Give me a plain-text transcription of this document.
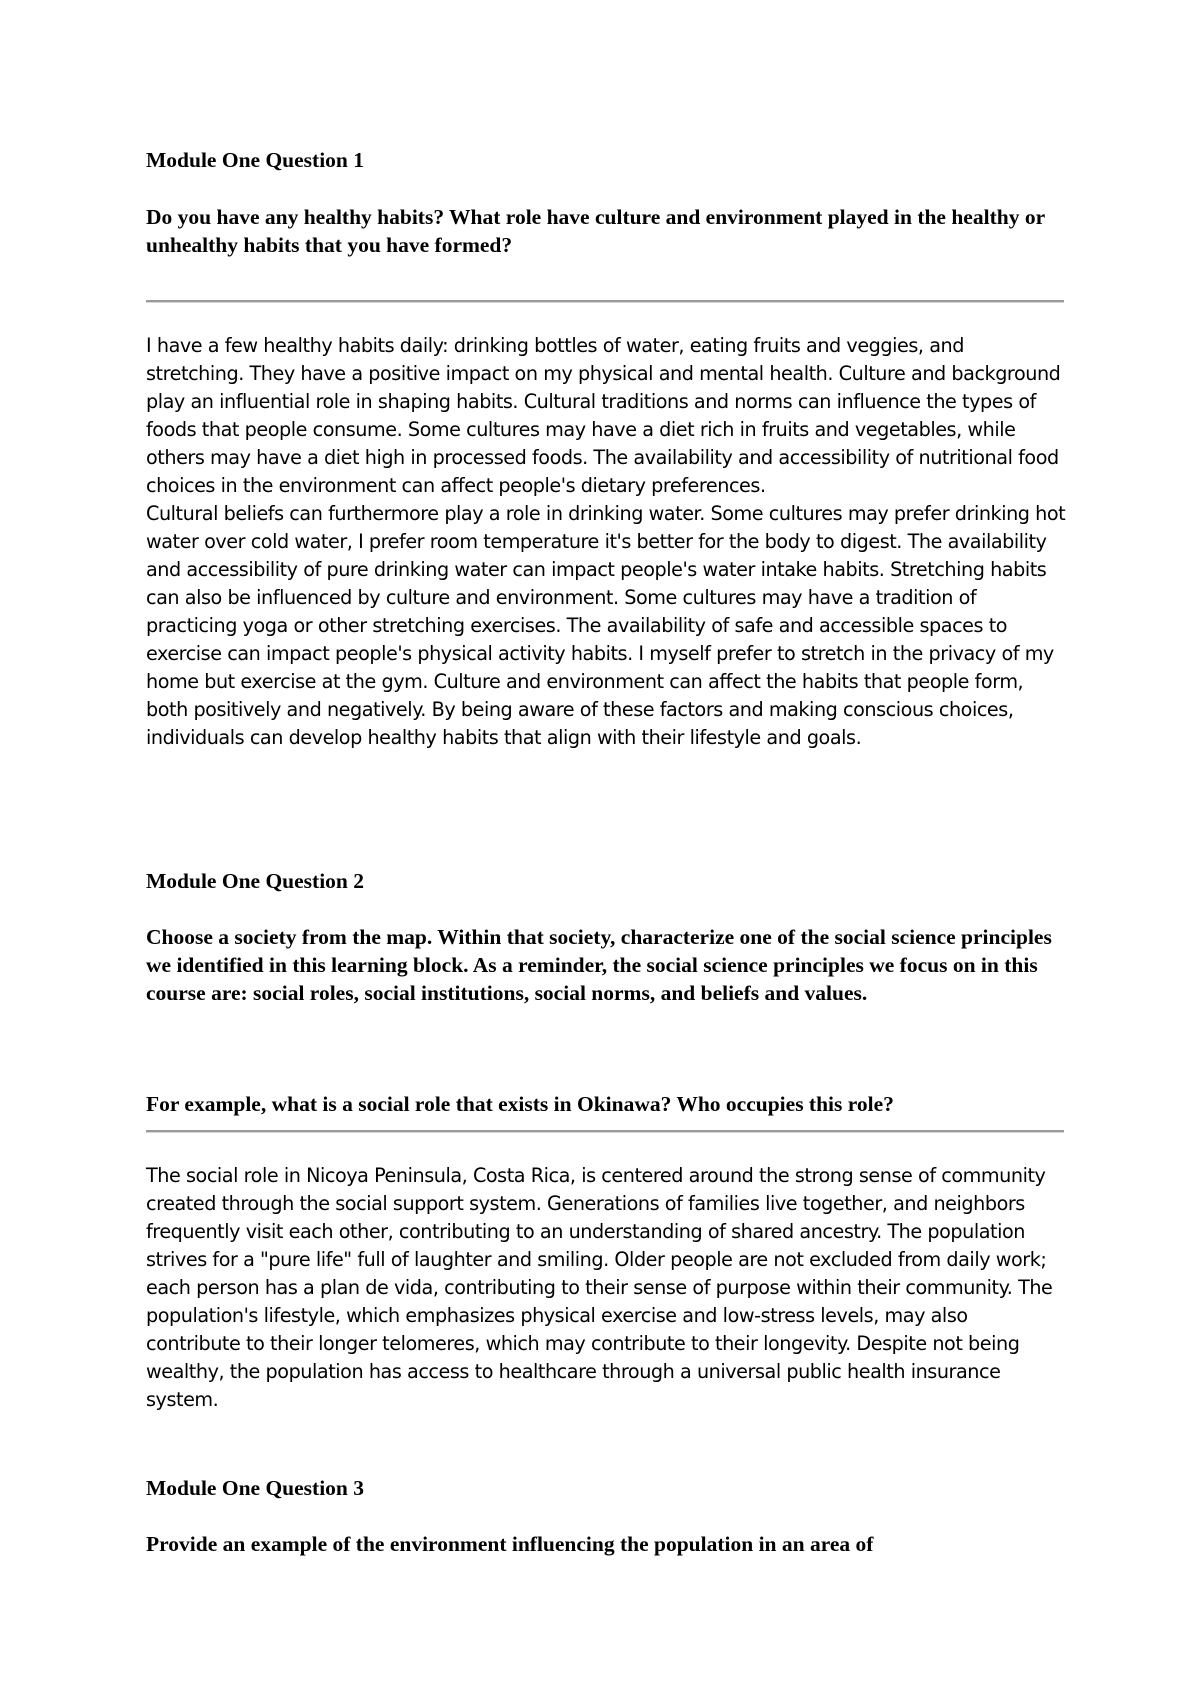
Module One Question 1

Do you have any healthy habits? What role have culture and environment played in the healthy or unhealthy habits that you have formed?

I have a few healthy habits daily: drinking bottles of water, eating fruits and veggies, and stretching. They have a positive impact on my physical and mental health. Culture and background play an influential role in shaping habits. Cultural traditions and norms can influence the types of foods that people consume. Some cultures may have a diet rich in fruits and vegetables, while others may have a diet high in processed foods. The availability and accessibility of nutritional food choices in the environment can affect people's dietary preferences.

Cultural beliefs can furthermore play a role in drinking water. Some cultures may prefer drinking hot water over cold water, I prefer room temperature it's better for the body to digest. The availability and accessibility of pure drinking water can impact people's water intake habits. Stretching habits can also be influenced by culture and environment. Some cultures may have a tradition of practicing yoga or other stretching exercises. The availability of safe and accessible spaces to exercise can impact people's physical activity habits. I myself prefer to stretch in the privacy of my home but exercise at the gym. Culture and environment can affect the habits that people form, both positively and negatively. By being aware of these factors and making conscious choices, individuals can develop healthy habits that align with their lifestyle and goals.

Module One Question 2

Choose a society from the map. Within that society, characterize one of the social science principles we identified in this learning block. As a reminder, the social science principles we focus on in this course are: social roles, social institutions, social norms, and beliefs and values.

For example, what is a social role that exists in Okinawa? Who occupies this role?

The social role in Nicoya Peninsula, Costa Rica, is centered around the strong sense of community created through the social support system. Generations of families live together, and neighbors frequently visit each other, contributing to an understanding of shared ancestry. The population strives for a "pure life" full of laughter and smiling. Older people are not excluded from daily work; each person has a plan de vida, contributing to their sense of purpose within their community. The population's lifestyle, which emphasizes physical exercise and low-stress levels, may also contribute to their longer telomeres, which may contribute to their longevity. Despite not being wealthy, the population has access to healthcare through a universal public health insurance system.

Module One Question 3

Provide an example of the environment influencing the population in an area of
